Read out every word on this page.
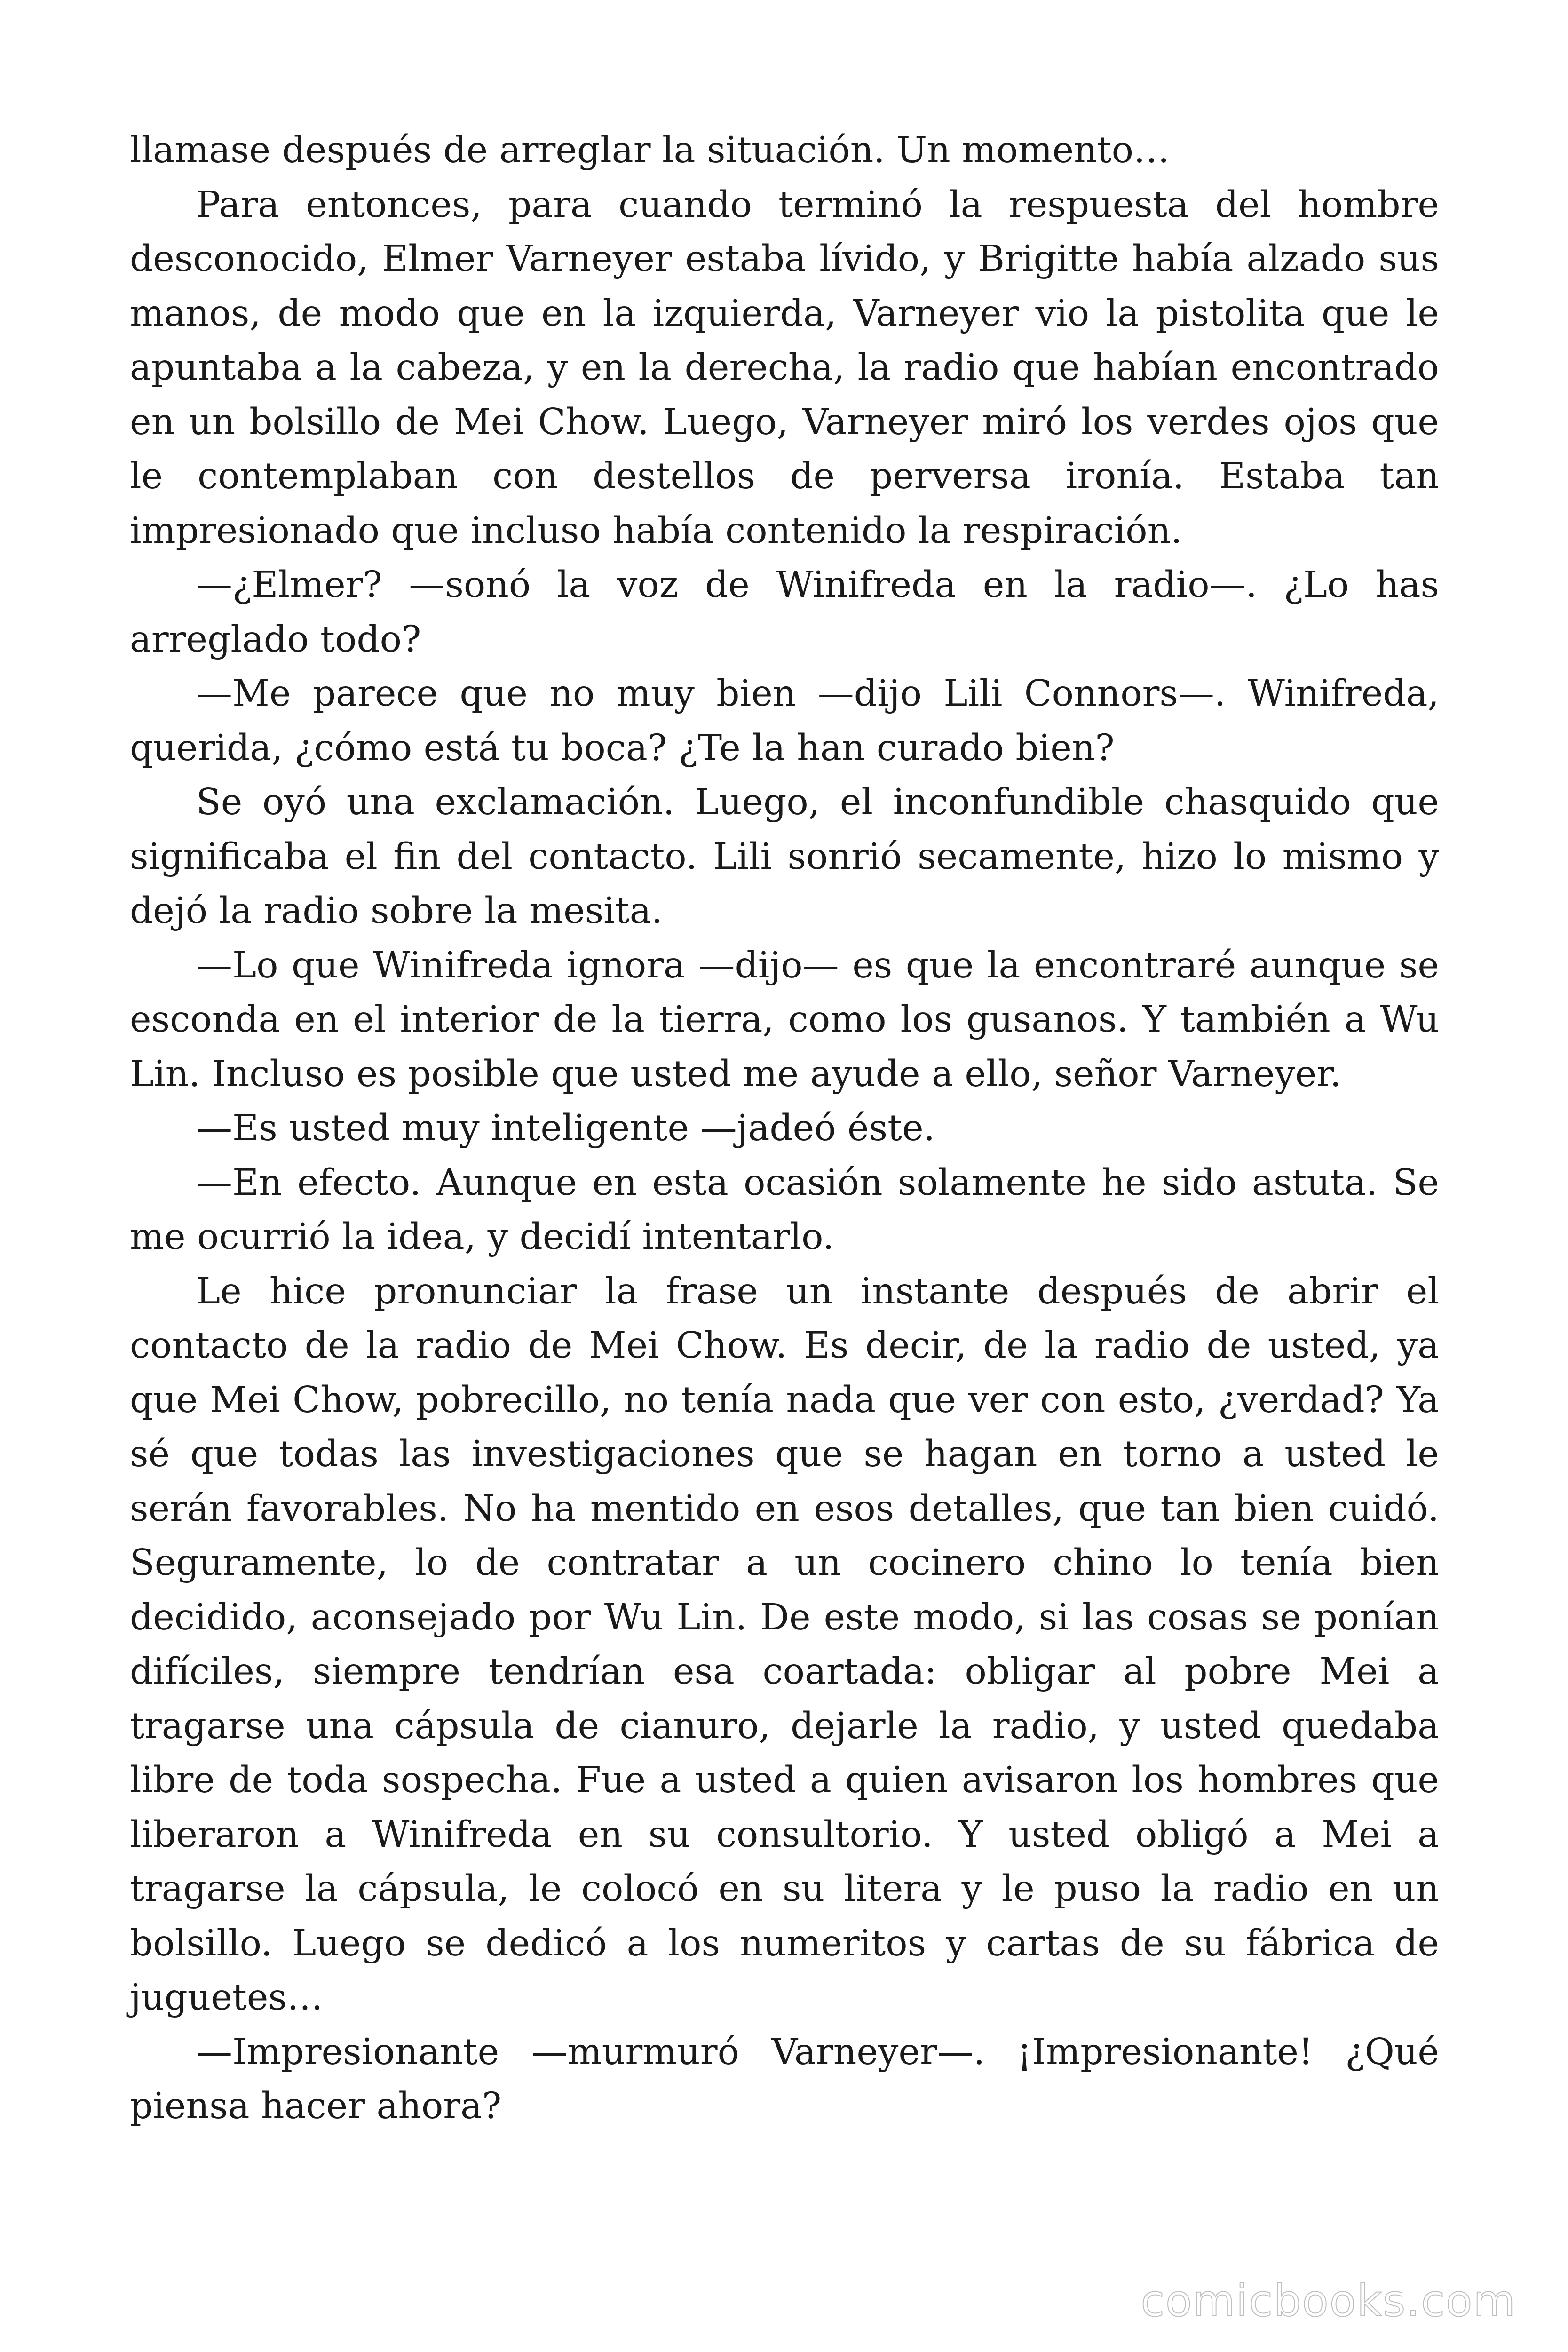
llamase después de arreglar la situación. Un momento…

Para entonces, para cuando terminó la respuesta del hombre desconocido, Elmer Varneyer estaba lívido, y Brigitte había alzado sus manos, de modo que en la izquierda, Varneyer vio la pistolita que le apuntaba a la cabeza, y en la derecha, la radio que habían encontrado en un bolsillo de Mei Chow. Luego, Varneyer miró los verdes ojos que le contemplaban con destellos de perversa ironía. Estaba tan impresionado que incluso había contenido la respiración.

—¿Elmer? —sonó la voz de Winifreda en la radio—. ¿Lo has arreglado todo?

—Me parece que no muy bien —dijo Lili Connors—. Winifreda, querida, ¿cómo está tu boca? ¿Te la han curado bien?

Se oyó una exclamación. Luego, el inconfundible chasquido que significaba el fin del contacto. Lili sonrió secamente, hizo lo mismo y dejó la radio sobre la mesita.

—Lo que Winifreda ignora —dijo— es que la encontraré aunque se esconda en el interior de la tierra, como los gusanos. Y también a Wu Lin. Incluso es posible que usted me ayude a ello, señor Varneyer.

—Es usted muy inteligente —jadeó éste.

—En efecto. Aunque en esta ocasión solamente he sido astuta. Se me ocurrió la idea, y decidí intentarlo.

Le hice pronunciar la frase un instante después de abrir el contacto de la radio de Mei Chow. Es decir, de la radio de usted, ya que Mei Chow, pobrecillo, no tenía nada que ver con esto, ¿verdad? Ya sé que todas las investigaciones que se hagan en torno a usted le serán favorables. No ha mentido en esos detalles, que tan bien cuidó. Seguramente, lo de contratar a un cocinero chino lo tenía bien decidido, aconsejado por Wu Lin. De este modo, si las cosas se ponían difíciles, siempre tendrían esa coartada: obligar al pobre Mei a tragarse una cápsula de cianuro, dejarle la radio, y usted quedaba libre de toda sospecha. Fue a usted a quien avisaron los hombres que liberaron a Winifreda en su consultorio. Y usted obligó a Mei a tragarse la cápsula, le colocó en su litera y le puso la radio en un bolsillo. Luego se dedicó a los numeritos y cartas de su fábrica de juguetes…

—Impresionante —murmuró Varneyer—. ¡Impresionante! ¿Qué piensa hacer ahora?

comicbooks.com
